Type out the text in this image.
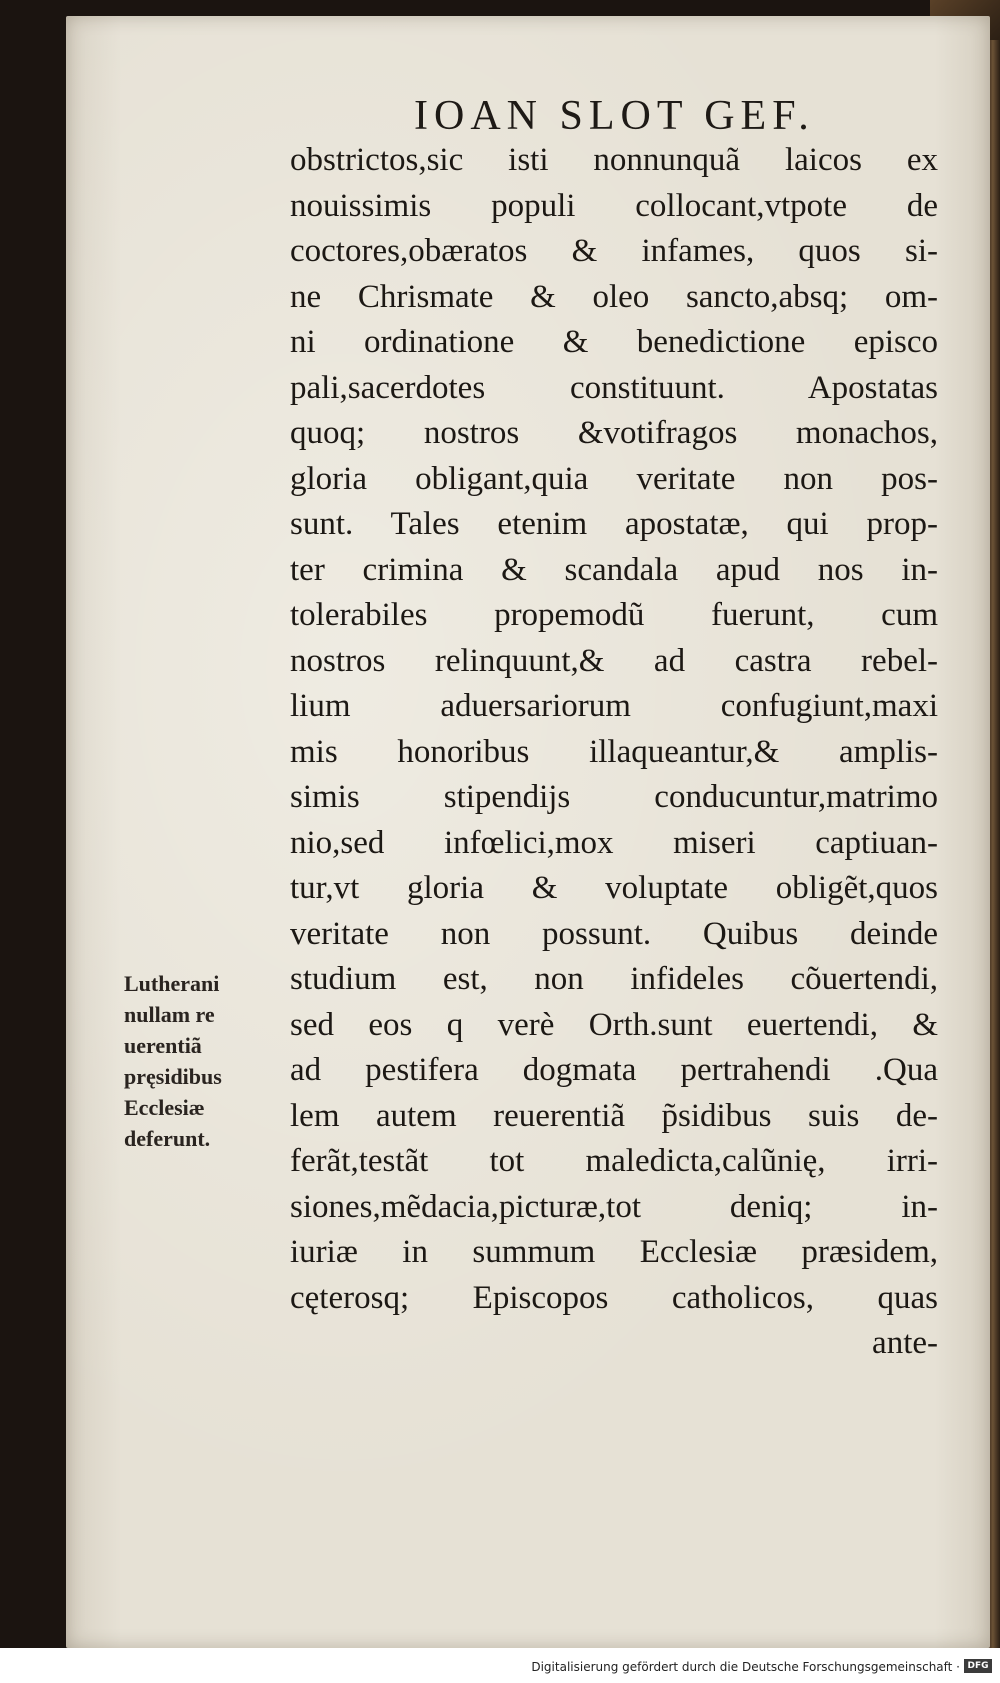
IOAN SLOT GEF.
obstrictos,sic isti nonnunquã laicos ex
nouissimis populi collocant,vtpote de
coctores,obæratos & infames, quos si-
ne Chrismate & oleo sancto,absq; om-
ni ordinatione & benedictione episco
pali,sacerdotes constituunt. Apostatas
quoq; nostros &votifragos monachos,
gloria obligant,quia veritate non pos-
sunt. Tales etenim apostatæ, qui prop-
ter crimina & scandala apud nos in-
tolerabiles propemodũ fuerunt, cum
nostros relinquunt,& ad castra rebel-
lium aduersariorum confugiunt,maxi
mis honoribus illaqueantur,& amplis-
simis stipendijs conducuntur,matrimo
nio,sed infœlici,mox miseri captiuan-
tur,vt gloria & voluptate obligẽt,quos
veritate non possunt. Quibus deinde
studium est, non infideles cõuertendi,
sed eos q verè Orth.sunt euertendi, &
ad pestifera dogmata pertrahendi .Qua
lem autem reuerentiã p̃sidibus suis de-
ferãt,testãt tot maledicta,calũnię, irri-
siones,mẽdacia,picturæ,tot deniq; in-
iuriæ in summum Ecclesiæ præsidem,
cęterosq; Episcopos catholicos, quas
ante-
Lutherani
nullam re
uerentiã
pręsidibus
Ecclesiæ
deferunt.
Digitalisierung gefördert durch die Deutsche Forschungsgemeinschaft · DFG
